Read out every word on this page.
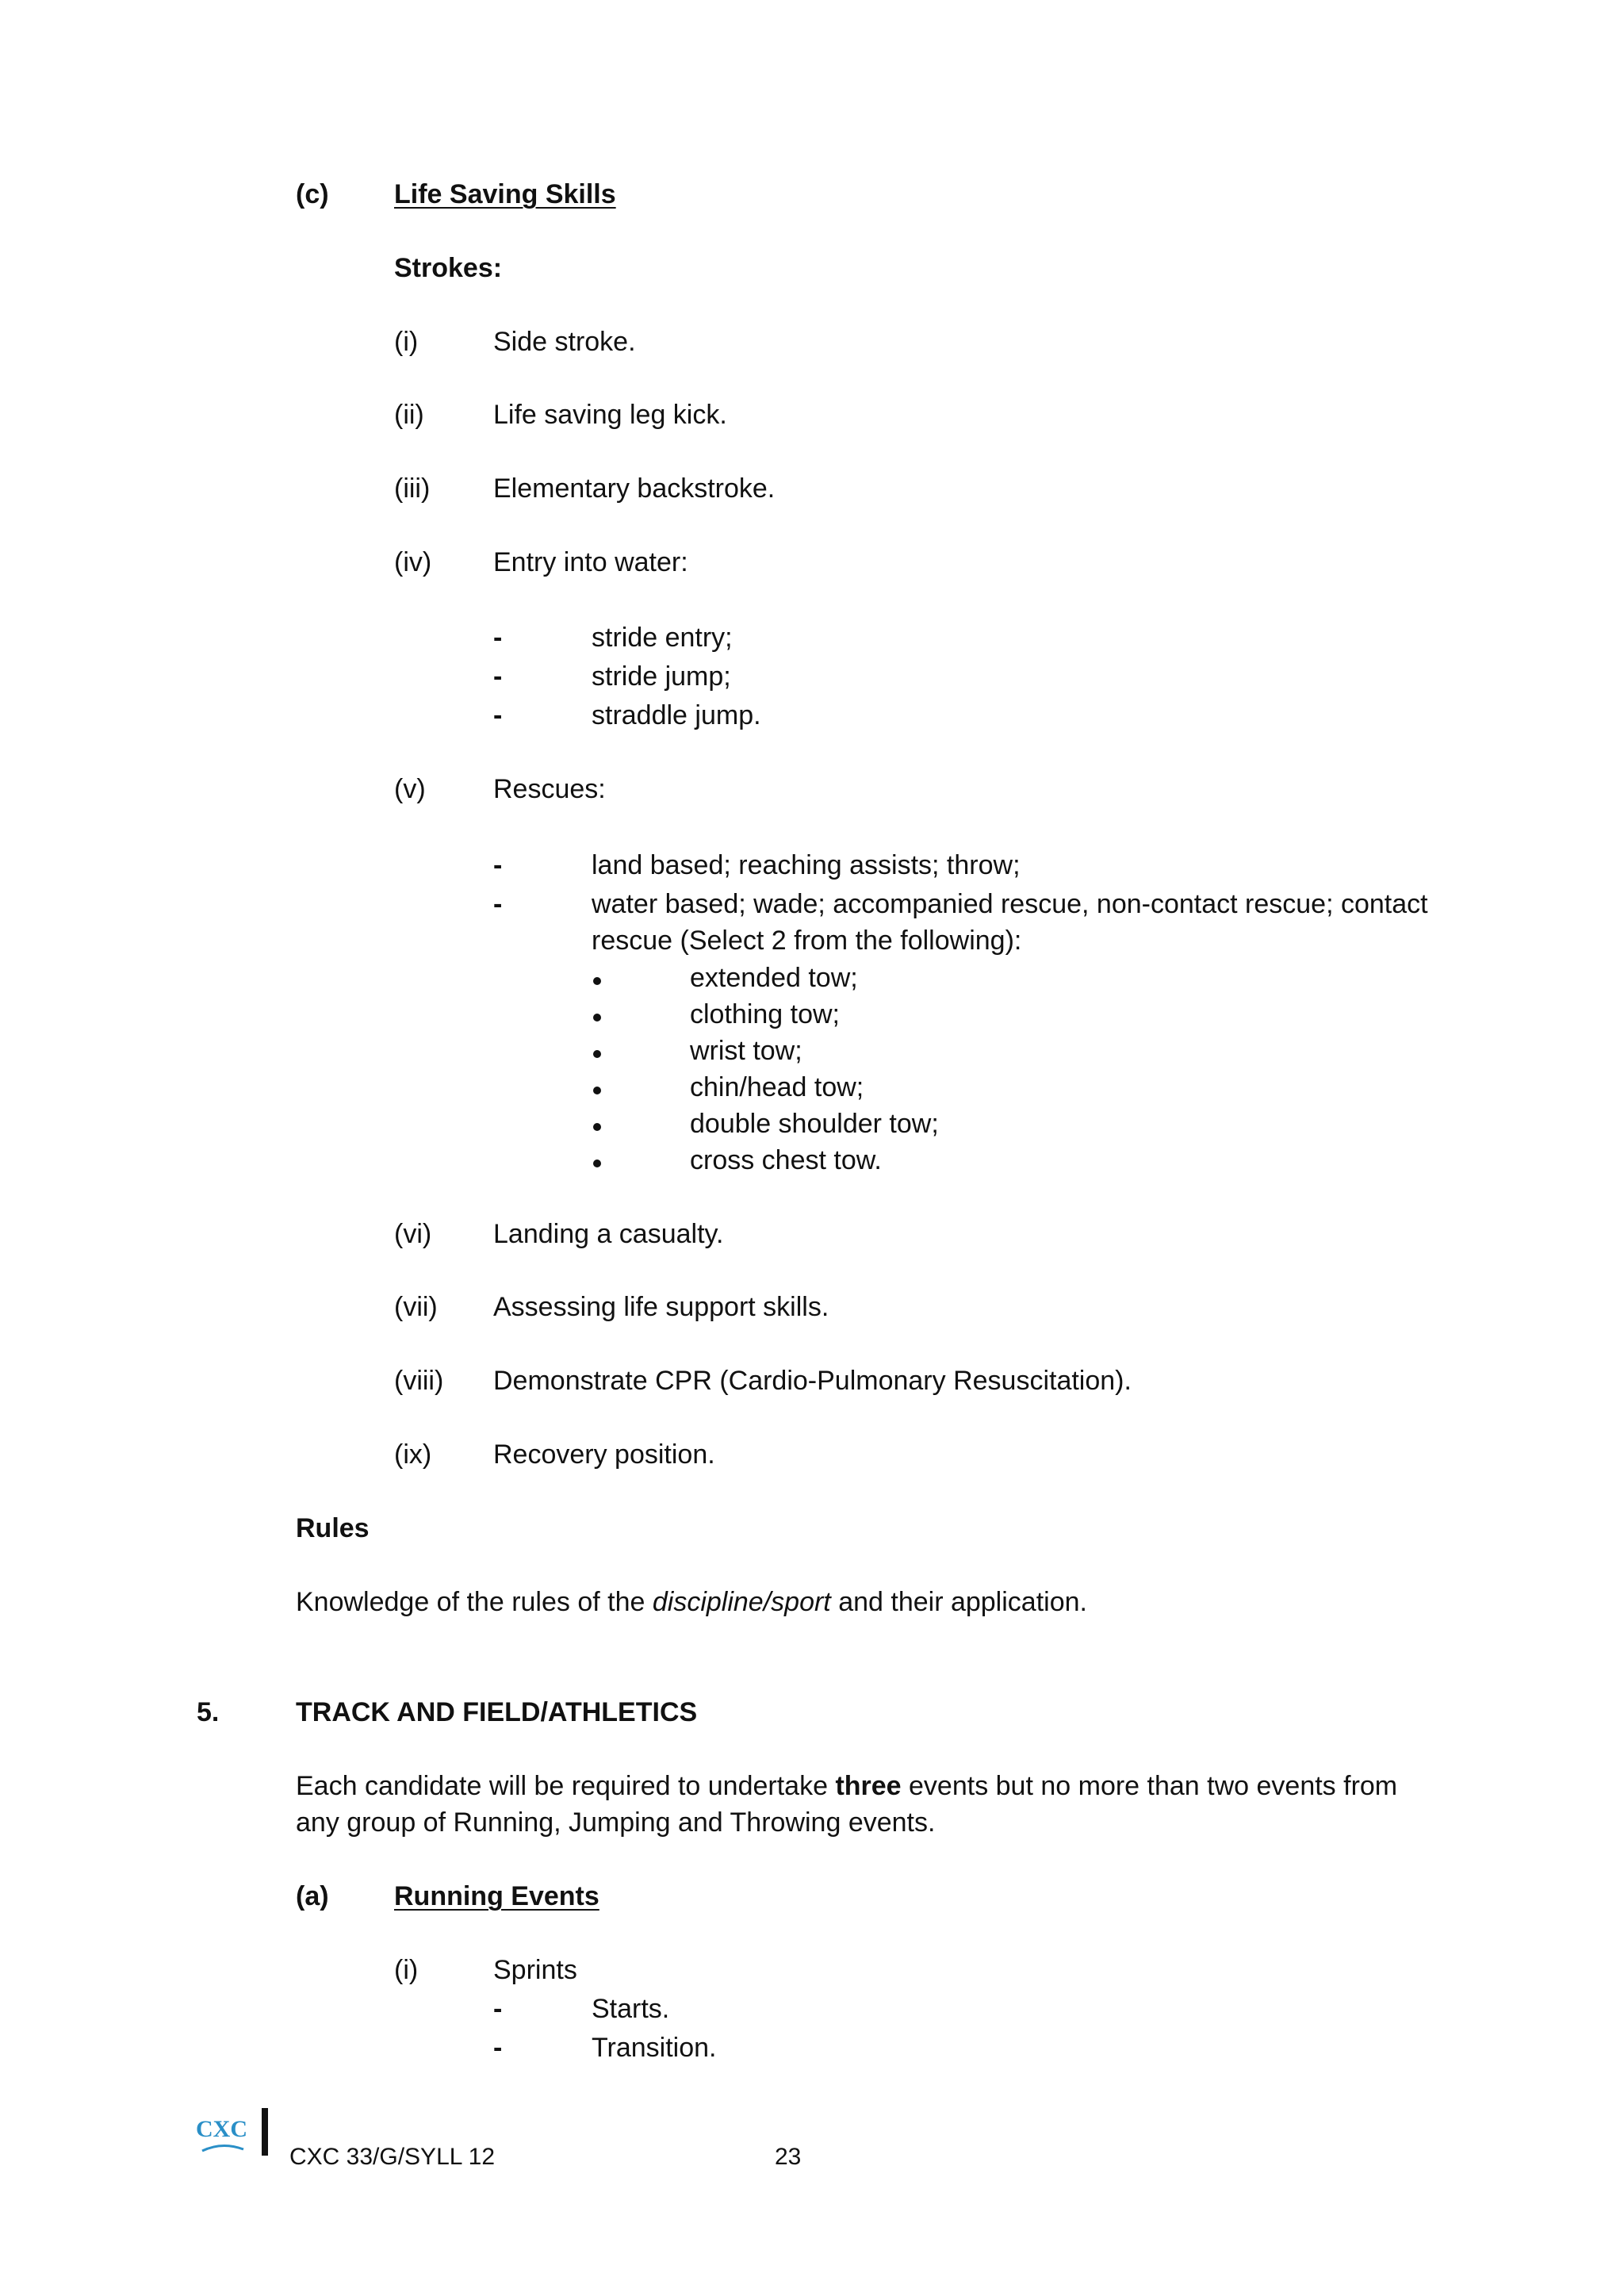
(c) Life Saving Skills
Strokes:
(i)	Side stroke.
(ii)	Life saving leg kick.
(iii) Elementary backstroke.
(iv) Entry into water:
-	stride entry;
-	stride jump;
-	straddle jump.
(v)	Rescues:
-	land based; reaching assists; throw;
-	water based; wade; accompanied rescue, non-contact rescue; contact
rescue (Select 2 from the following):
extended tow;
clothing tow;
wrist tow;
chin/head tow;
double shoulder tow;
cross chest tow.
(vi) Landing a casualty.
(vii) Assessing life support skills.
(viii) Demonstrate CPR (Cardio-Pulmonary Resuscitation).
(ix) Recovery position.
Rules
Knowledge of the rules of the discipline/sport and their application.
5.	TRACK AND FIELD/ATHLETICS
Each candidate will be required to undertake three events but no more than two events from
any group of Running, Jumping and Throwing events.
(a) Running Events
(i)	Sprints
-	Starts.
-	Transition.
CXC
CXC 33/G/SYLL 12	23
